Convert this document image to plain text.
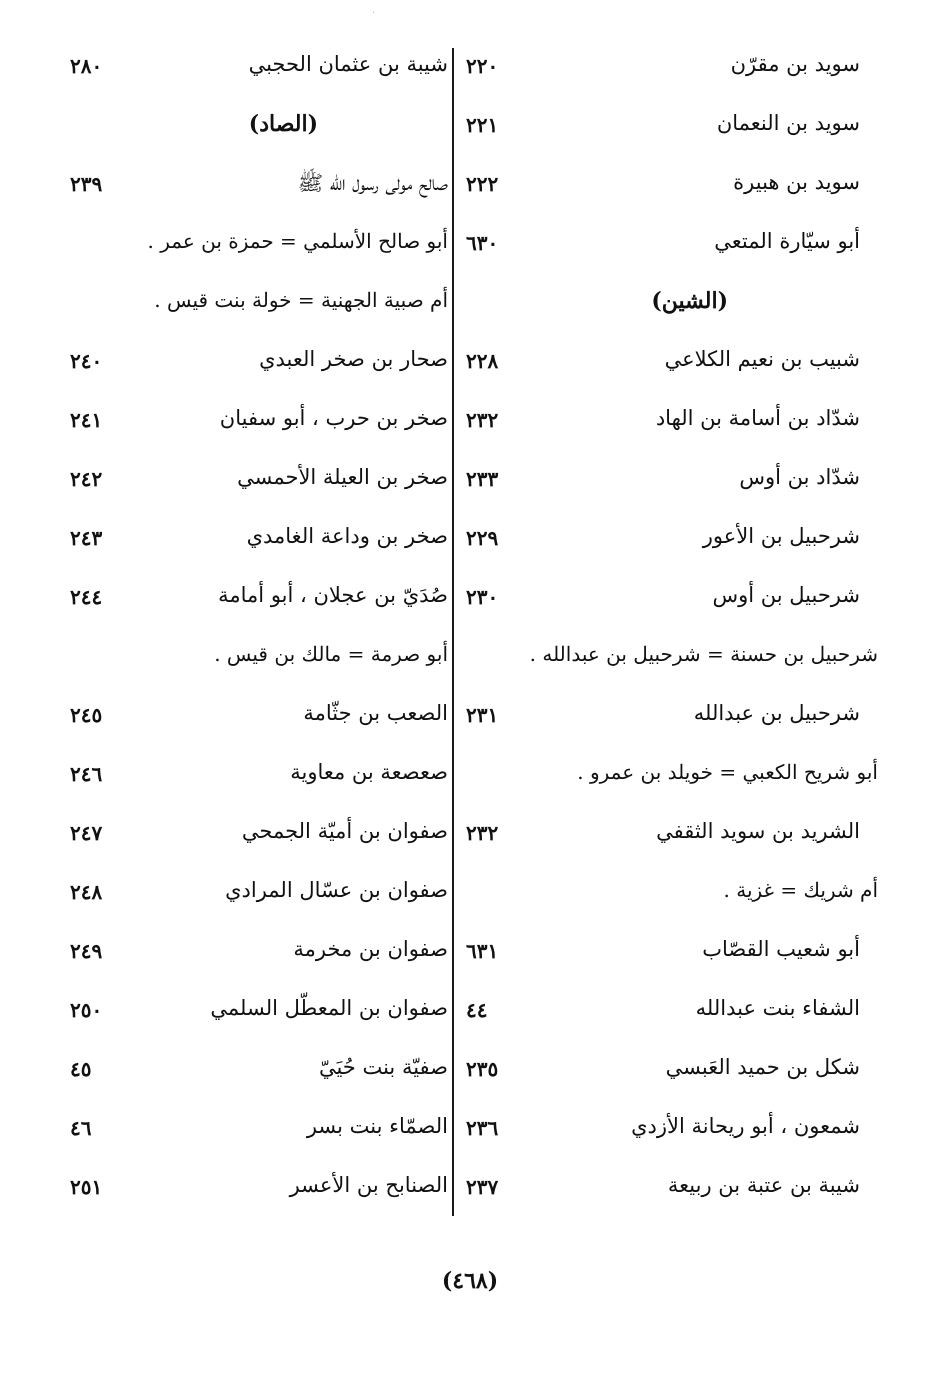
·
شيبة بن عثمان الحجبي
٢٨٠
(الصاد)
صالح مولى رسول الله ﷺ
٢٣٩
أبو صالح الأسلمي = حمزة بن عمر .
أم صبية الجهنية = خولة بنت قيس .
صحار بن صخر العبدي
٢٤٠
صخر بن حرب ، أبو سفيان
٢٤١
صخر بن العيلة الأحمسي
٢٤٢
صخر بن وداعة الغامدي
٢٤٣
صُدَيّ بن عجلان ، أبو أمامة
٢٤٤
أبو صرمة = مالك بن قيس .
الصعب بن جثّامة
٢٤٥
صعصعة بن معاوية
٢٤٦
صفوان بن أميّة الجمحي
٢٤٧
صفوان بن عسّال المرادي
٢٤٨
صفوان بن مخرمة
٢٤٩
صفوان بن المعطّل السلمي
٢٥٠
صفيّة بنت حُيَيّ
٤٥
الصمّاء بنت بسر
٤٦
الصنابح بن الأعسر
٢٥١
سويد بن مقرّن
٢٢٠
سويد بن النعمان
٢٢١
سويد بن هبيرة
٢٢٢
أبو سيّارة المتعي
٦٣٠
(الشين)
شبيب بن نعيم الكلاعي
٢٢٨
شدّاد بن أسامة بن الهاد
٢٣٢
شدّاد بن أوس
٢٣٣
شرحبيل بن الأعور
٢٢٩
شرحبيل بن أوس
٢٣٠
شرحبيل بن حسنة = شرحبيل بن عبدالله .
شرحبيل بن عبدالله
٢٣١
أبو شريح الكعبي = خويلد بن عمرو .
الشريد بن سويد الثقفي
٢٣٢
أم شريك = غزية .
أبو شعيب القصّاب
٦٣١
الشفاء بنت عبدالله
٤٤
شكل بن حميد العَبسي
٢٣٥
شمعون ، أبو ريحانة الأزدي
٢٣٦
شيبة بن عتبة بن ربيعة
٢٣٧
(٤٦٨)
